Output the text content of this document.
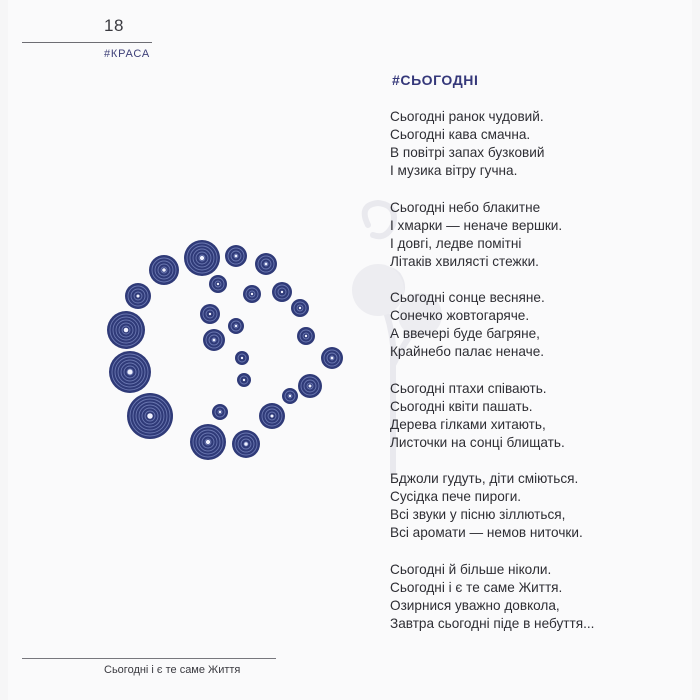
18
#КРАСА
#СЬОГОДНІ
Сьогодні ранок чудовий.
Сьогодні кава смачна.
В повітрі запах бузковий
І музика вітру гучна.
Сьогодні небо блакитне
І хмарки — неначе вершки.
І довгі, ледве помітні
Літаків хвилясті стежки.
Сьогодні сонце весняне.
Сонечко жовтогаряче.
А ввечері буде багряне,
Крайнебо палає неначе.
Сьогодні птахи співають.
Сьогодні квіти пашать.
Дерева гілками хитають,
Листочки на сонці блищать.
Бджоли гудуть, діти сміються.
Сусідка пече пироги.
Всі звуки у пісню зіллються,
Всі аромати — немов ниточки.
Сьогодні й більше ніколи.
Сьогодні і є те саме Життя.
Озирнися уважно довкола,
Завтра сьогодні піде в небуття...
Сьогодні і є те саме Життя
